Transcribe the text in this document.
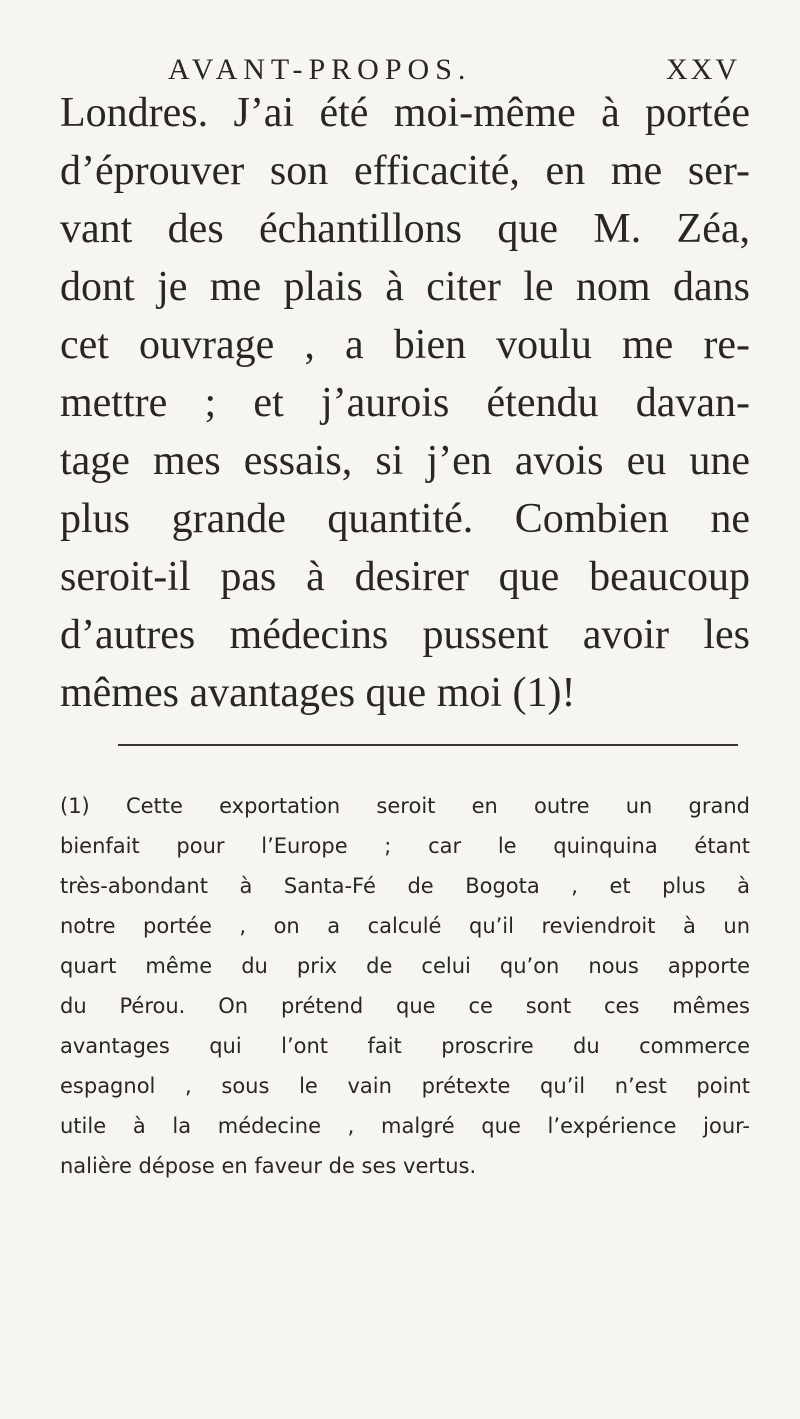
AVANT-PROPOS.	XXV
Londres. J’ai été moi-même à portée
d’éprouver son efficacité, en me ser-
vant des échantillons que M. Zéa,
dont je me plais à citer le nom dans
cet ouvrage , a bien voulu me re-
mettre ; et j’aurois étendu davan-
tage mes essais, si j’en avois eu une
plus grande quantité. Combien ne
seroit-il pas à desirer que beaucoup
d’autres médecins pussent avoir les
mêmes avantages que moi (1)!
(1) Cette exportation seroit en outre un grand
bienfait pour l’Europe ; car le quinquina étant
très-abondant à Santa-Fé de Bogota , et plus à
notre portée , on a calculé qu’il reviendroit à un
quart même du prix de celui qu’on nous apporte
du Pérou. On prétend que ce sont ces mêmes
avantages qui l’ont fait proscrire du commerce
espagnol , sous le vain prétexte qu’il n’est point
utile à la médecine , malgré que l’expérience jour-
nalière dépose en faveur de ses vertus.
